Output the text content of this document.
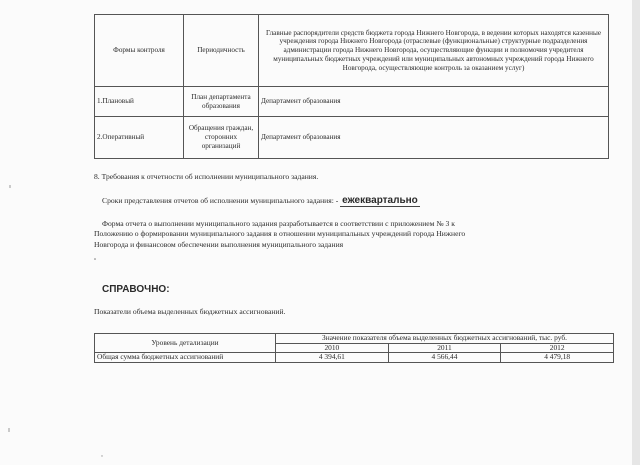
Формы контроля	Периодичность	Главные распорядители средств бюджета города Нижнего Новгорода, в ведении которых находятся казенные учреждения города Нижнего Новгорода (отраслевые (функциональные) структурные подразделения администрации города Нижнего Новгорода, осуществляющие функции и полномочия учредителя муниципальных бюджетных учреждений или муниципальных автономных учреждений города Нижнего Новгорода, осуществляющие контроль за оказанием услуг)
1.Плановый	План департамента образования	Департамент образования
2.Оперативный	Обращения граждан, сторонних организаций	Департамент образования
8. Требования к отчетности об исполнении муниципального задания.
Сроки представления отчетов об исполнении муниципального задания: - ежеквартально
Форма отчета о выполнении муниципального задания разработывается в соответствии с приложением № 3 к
Положению о формировании муниципального задания в отношении муниципальных учреждений города Нижнего
Новгорода и финансовом обеспечении выполнения муниципального задания
СПРАВОЧНО:
Показатели объема выделенных бюджетных ассигнований.
Уровень детализации	Значение показателя объема выделенных бюджетных ассигнований, тыс. руб.		
	2010	2011	2012
Общая сумма бюджетных ассигнований	4 394,61	4 566,44	4 479,18
